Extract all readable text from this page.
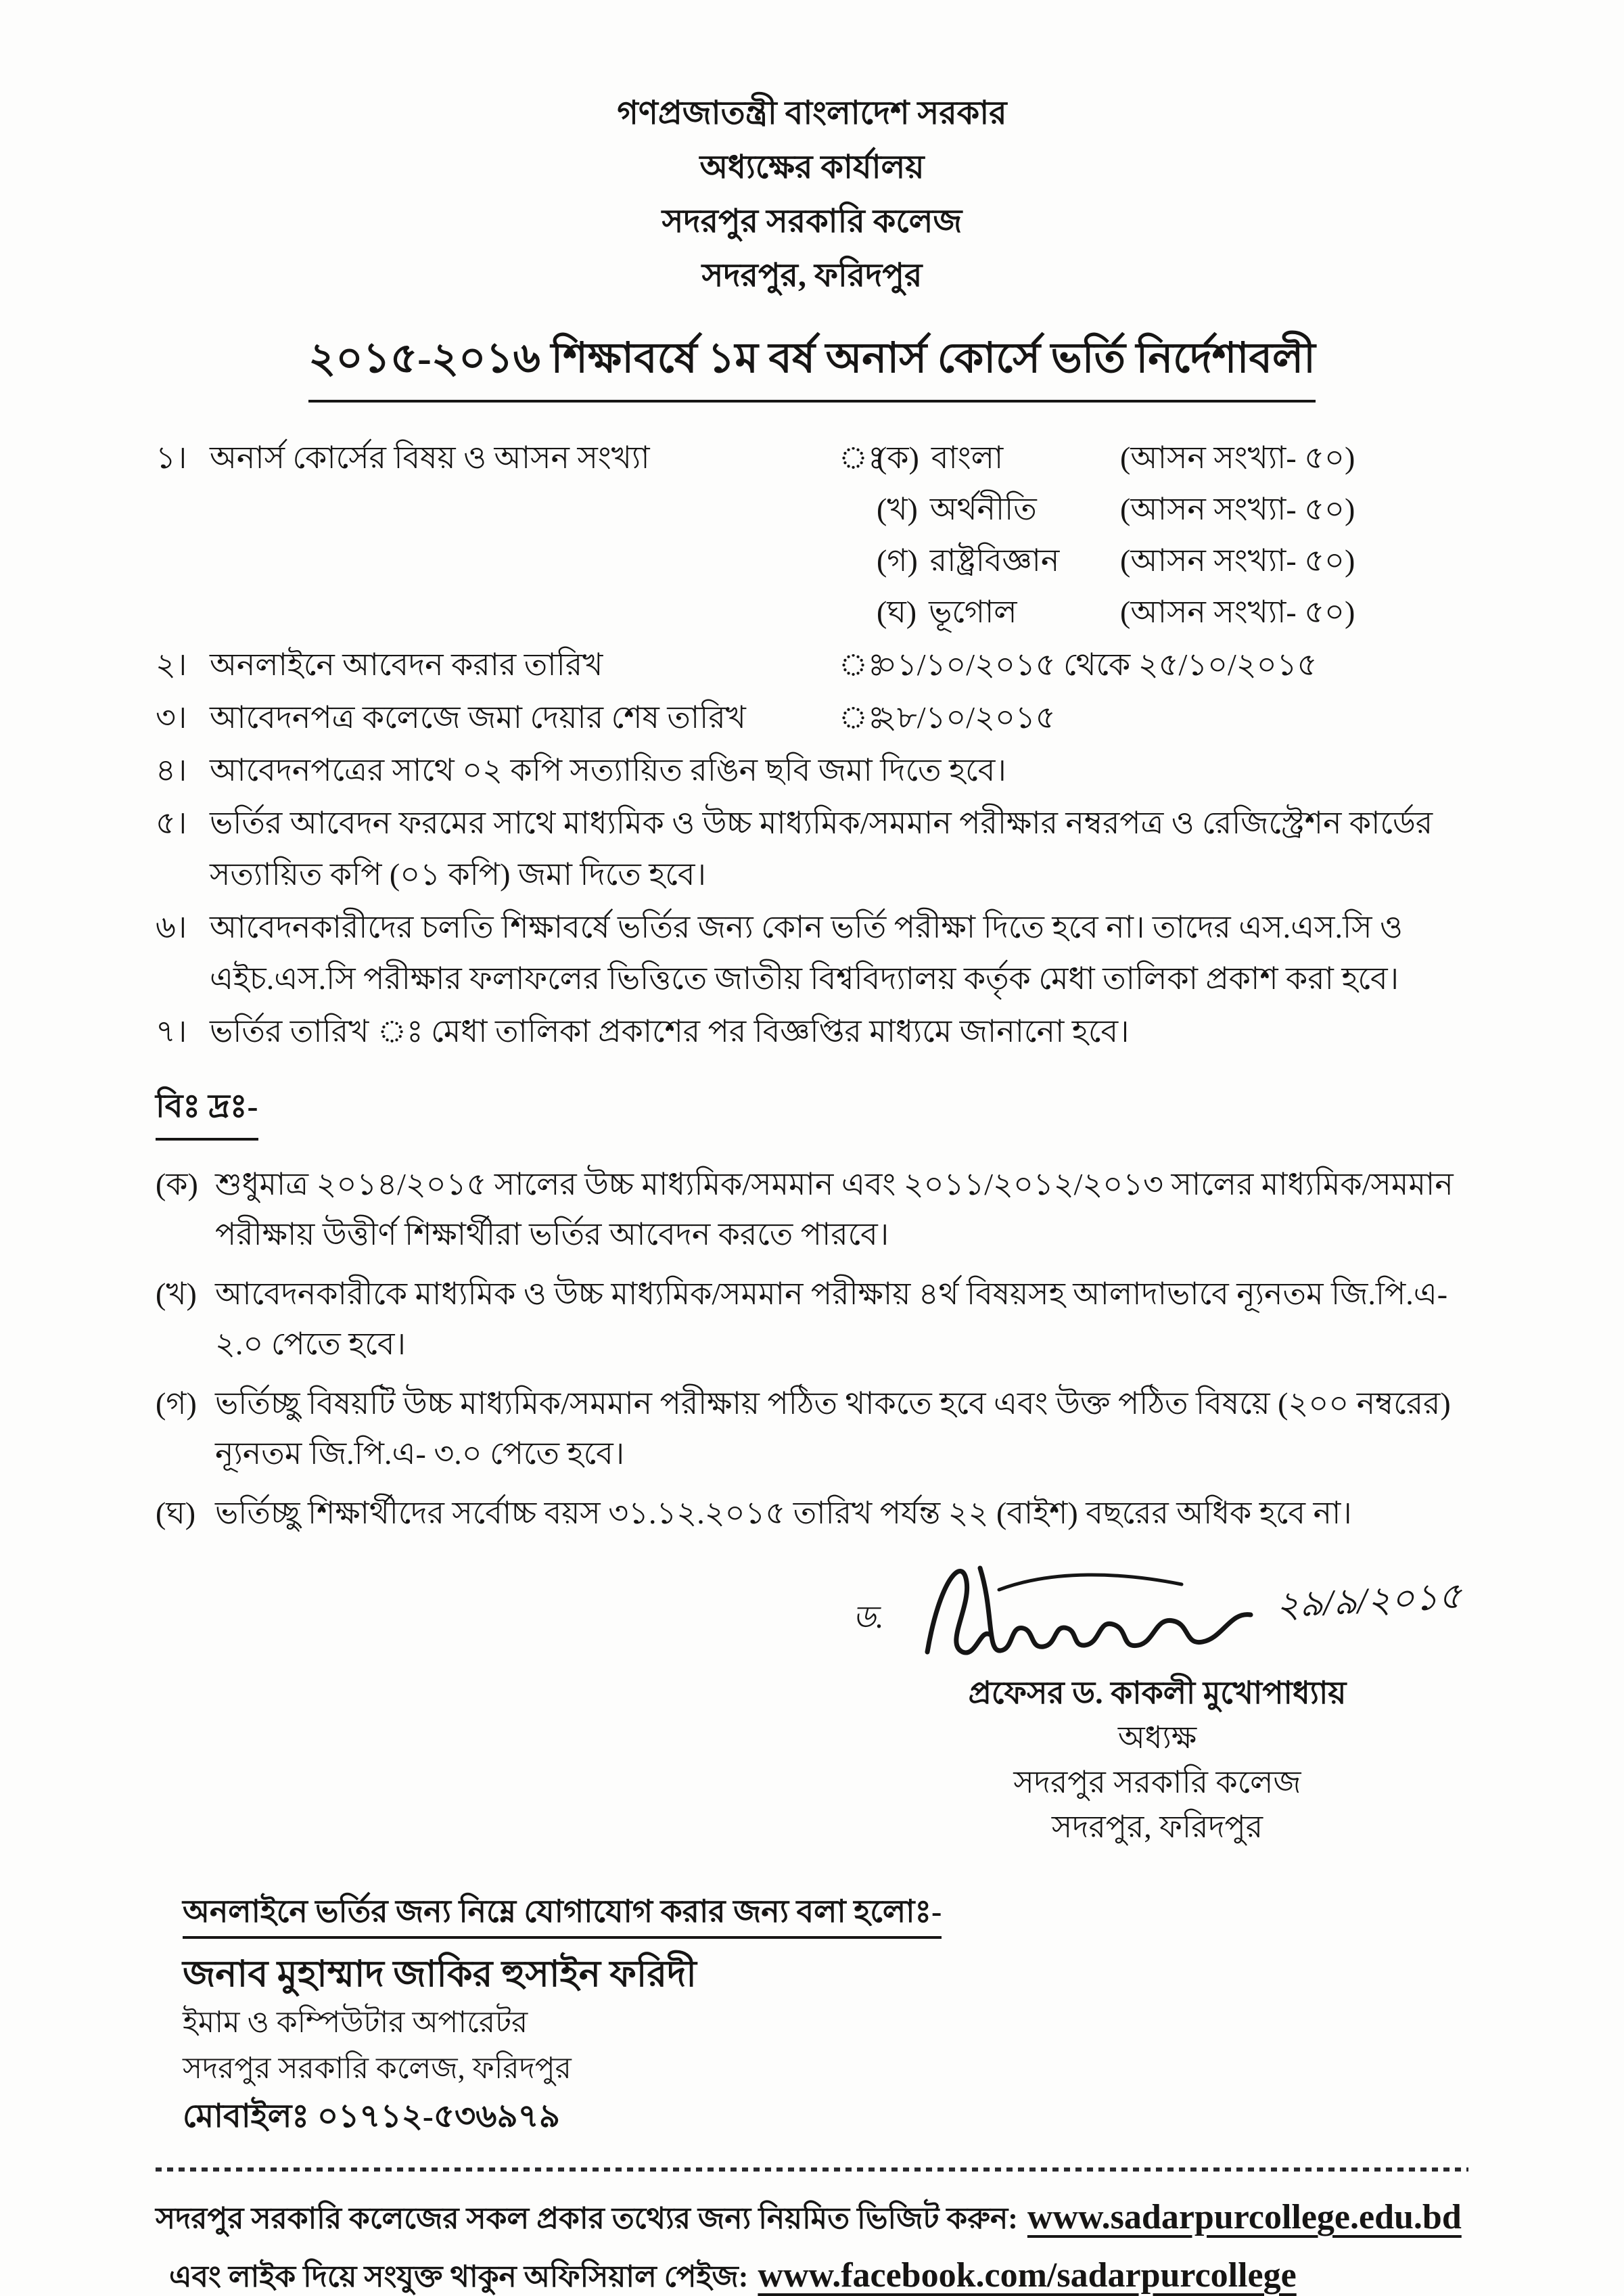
গণপ্রজাতন্ত্রী বাংলাদেশ সরকার
অধ্যক্ষের কার্যালয়
সদরপুর সরকারি কলেজ
সদরপুর, ফরিদপুর
২০১৫-২০১৬ শিক্ষাবর্ষে ১ম বর্ষ অনার্স কোর্সে ভর্তি নির্দেশাবলী
১। অনার্স কোর্সের বিষয় ও আসন সংখ্যা	ঃ
(ক) বাংলা	(আসন সংখ্যা- ৫০)
(খ) অর্থনীতি	(আসন সংখ্যা- ৫০)
(গ) রাষ্ট্রবিজ্ঞান	(আসন সংখ্যা- ৫০)
(ঘ) ভূগোল	(আসন সংখ্যা- ৫০)
২। অনলাইনে আবেদন করার তারিখ	ঃ
০১/১০/২০১৫ থেকে ২৫/১০/২০১৫
৩। আবেদনপত্র কলেজে জমা দেয়ার শেষ তারিখ	ঃ
২৮/১০/২০১৫
৪। আবেদনপত্রের সাথে ০২ কপি সত্যায়িত রঙিন ছবি জমা দিতে হবে।
৫। ভর্তির আবেদন ফরমের সাথে মাধ্যমিক ও উচ্চ মাধ্যমিক/সমমান পরীক্ষার নম্বরপত্র ও রেজিস্ট্রেশন কার্ডের সত্যায়িত কপি (০১ কপি) জমা দিতে হবে।
৬। আবেদনকারীদের চলতি শিক্ষাবর্ষে ভর্তির জন্য কোন ভর্তি পরীক্ষা দিতে হবে না। তাদের এস.এস.সি ও এইচ.এস.সি পরীক্ষার ফলাফলের ভিত্তিতে জাতীয় বিশ্ববিদ্যালয় কর্তৃক মেধা তালিকা প্রকাশ করা হবে।
৭। ভর্তির তারিখ ঃ মেধা তালিকা প্রকাশের পর বিজ্ঞপ্তির মাধ্যমে জানানো হবে।
বিঃ দ্রঃ-
(ক) শুধুমাত্র ২০১৪/২০১৫ সালের উচ্চ মাধ্যমিক/সমমান এবং ২০১১/২০১২/২০১৩ সালের মাধ্যমিক/সমমান পরীক্ষায় উত্তীর্ণ শিক্ষার্থীরা ভর্তির আবেদন করতে পারবে।
(খ) আবেদনকারীকে মাধ্যমিক ও উচ্চ মাধ্যমিক/সমমান পরীক্ষায় ৪র্থ বিষয়সহ আলাদাভাবে ন্যূনতম জি.পি.এ- ২.০ পেতে হবে।
(গ) ভর্তিচ্ছু বিষয়টি উচ্চ মাধ্যমিক/সমমান পরীক্ষায় পঠিত থাকতে হবে এবং উক্ত পঠিত বিষয়ে (২০০ নম্বরের) ন্যূনতম জি.পি.এ- ৩.০ পেতে হবে।
(ঘ) ভর্তিচ্ছু শিক্ষার্থীদের সর্বোচ্চ বয়স ৩১.১২.২০১৫ তারিখ পর্যন্ত ২২ (বাইশ) বছরের অধিক হবে না।
ড.	২৯/৯/২০১৫
প্রফেসর ড. কাকলী মুখোপাধ্যায়
অধ্যক্ষ
সদরপুর সরকারি কলেজ
সদরপুর, ফরিদপুর
অনলাইনে ভর্তির জন্য নিম্নে যোগাযোগ করার জন্য বলা হলোঃ-
জনাব মুহাম্মাদ জাকির হুসাইন ফরিদী
ইমাম ও কম্পিউটার অপারেটর
সদরপুর সরকারি কলেজ, ফরিদপুর
মোবাইলঃ ০১৭১২-৫৩৬৯৭৯
সদরপুর সরকারি কলেজের সকল প্রকার তথ্যের জন্য নিয়মিত ভিজিট করুন: www.sadarpurcollege.edu.bd
এবং লাইক দিয়ে সংযুক্ত থাকুন অফিসিয়াল পেইজ: www.facebook.com/sadarpurcollege
